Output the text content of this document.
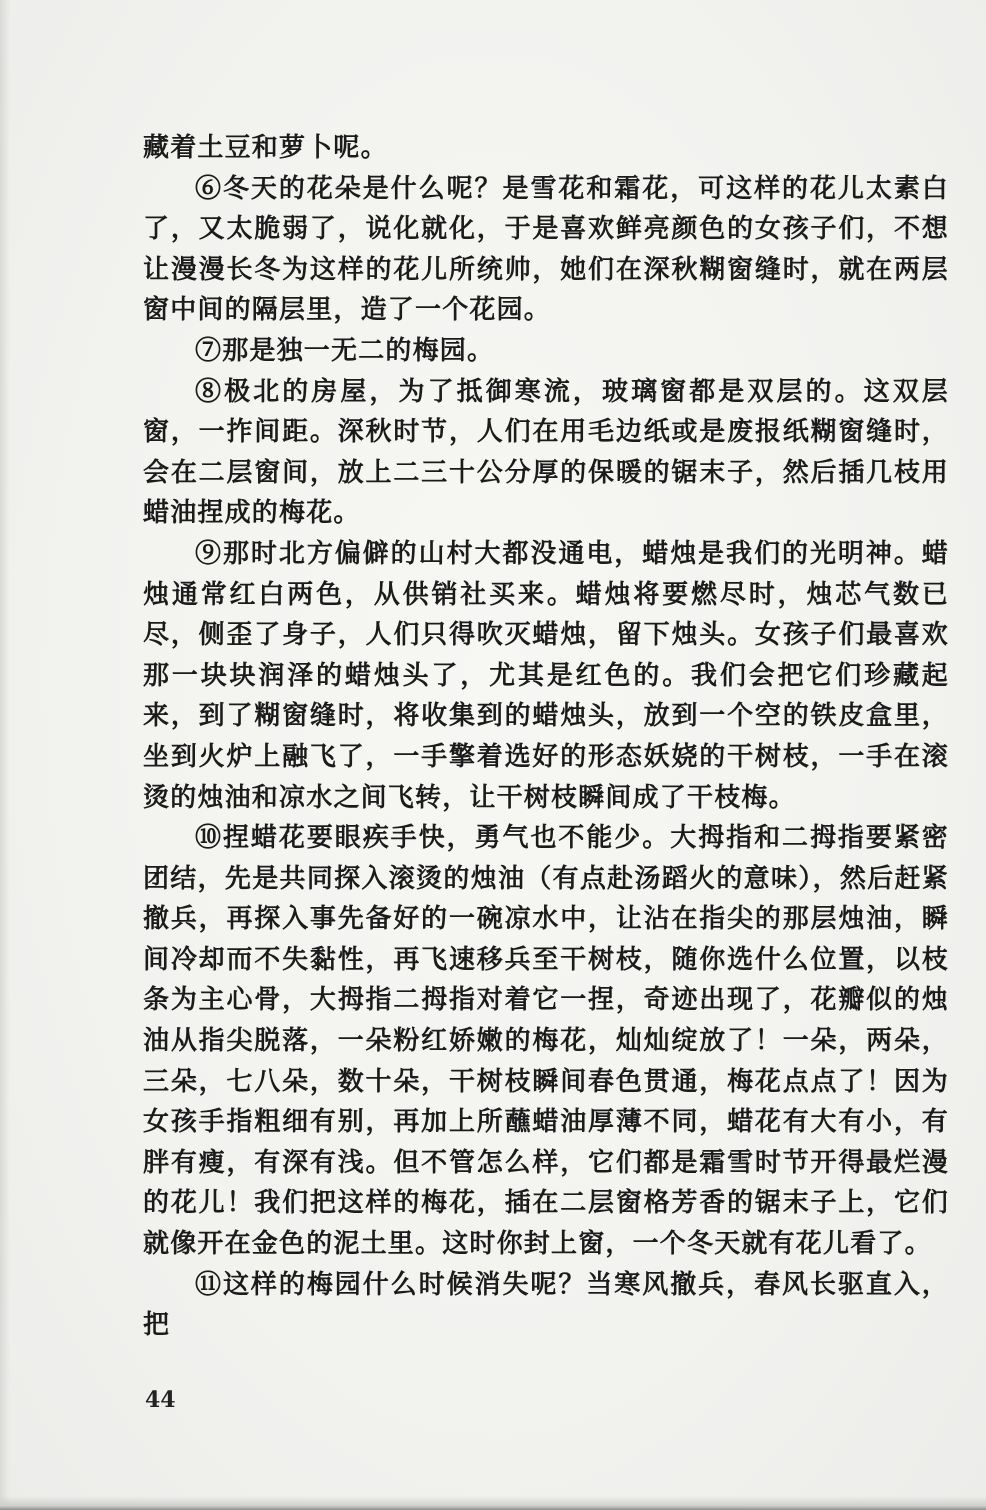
藏着土豆和萝卜呢。

⑥冬天的花朵是什么呢？是雪花和霜花，可这样的花儿太素白了，又太脆弱了，说化就化，于是喜欢鲜亮颜色的女孩子们，不想让漫漫长冬为这样的花儿所统帅，她们在深秋糊窗缝时，就在两层窗中间的隔层里，造了一个花园。

⑦那是独一无二的梅园。

⑧极北的房屋，为了抵御寒流，玻璃窗都是双层的。这双层窗，一拃间距。深秋时节，人们在用毛边纸或是废报纸糊窗缝时，会在二层窗间，放上二三十公分厚的保暖的锯末子，然后插几枝用蜡油捏成的梅花。

⑨那时北方偏僻的山村大都没通电，蜡烛是我们的光明神。蜡烛通常红白两色，从供销社买来。蜡烛将要燃尽时，烛芯气数已尽，侧歪了身子，人们只得吹灭蜡烛，留下烛头。女孩子们最喜欢那一块块润泽的蜡烛头了，尤其是红色的。我们会把它们珍藏起来，到了糊窗缝时，将收集到的蜡烛头，放到一个空的铁皮盒里，坐到火炉上融飞了，一手擎着选好的形态妖娆的干树枝，一手在滚烫的烛油和凉水之间飞转，让干树枝瞬间成了干枝梅。

⑩捏蜡花要眼疾手快，勇气也不能少。大拇指和二拇指要紧密团结，先是共同探入滚烫的烛油（有点赴汤蹈火的意味），然后赶紧撤兵，再探入事先备好的一碗凉水中，让沾在指尖的那层烛油，瞬间冷却而不失黏性，再飞速移兵至干树枝，随你选什么位置，以枝条为主心骨，大拇指二拇指对着它一捏，奇迹出现了，花瓣似的烛油从指尖脱落，一朵粉红娇嫩的梅花，灿灿绽放了！一朵，两朵，三朵，七八朵，数十朵，干树枝瞬间春色贯通，梅花点点了！因为女孩手指粗细有别，再加上所蘸蜡油厚薄不同，蜡花有大有小，有胖有瘦，有深有浅。但不管怎么样，它们都是霜雪时节开得最烂漫的花儿！我们把这样的梅花，插在二层窗格芳香的锯末子上，它们就像开在金色的泥土里。这时你封上窗，一个冬天就有花儿看了。

⑪这样的梅园什么时候消失呢？当寒风撤兵，春风长驱直入，把

44
